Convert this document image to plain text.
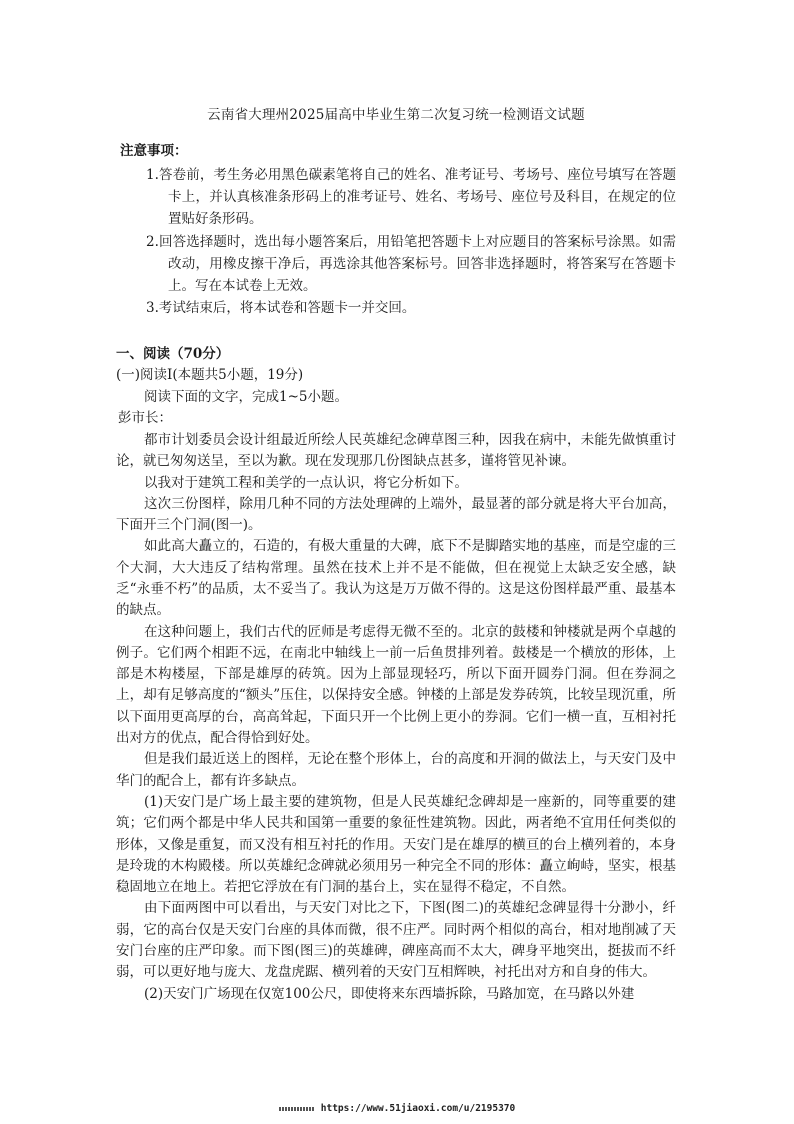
云南省大理州2025届高中毕业生第二次复习统一检测语文试题
注意事项：
1.答卷前，考生务必用黑色碳素笔将自己的姓名、准考证号、考场号、座位号填写在答题卡上，并认真核准条形码上的准考证号、姓名、考场号、座位号及科目，在规定的位置贴好条形码。
2.回答选择题时，选出每小题答案后，用铅笔把答题卡上对应题目的答案标号涂黑。如需改动，用橡皮擦干净后，再选涂其他答案标号。回答非选择题时，将答案写在答题卡上。写在本试卷上无效。
3.考试结束后，将本试卷和答题卡一并交回。
一、阅读（70分）
(一)阅读Ⅰ(本题共5小题，19分)
阅读下面的文字，完成1~5小题。
彭市长：

都市计划委员会设计组最近所绘人民英雄纪念碑草图三种，因我在病中，未能先做慎重讨论，就已匆匆送呈，至以为歉。现在发现那几份图缺点甚多，谨将管见补谏。

以我对于建筑工程和美学的一点认识，将它分析如下。

这次三份图样，除用几种不同的方法处理碑的上端外，最显著的部分就是将大平台加高，下面开三个门洞(图一)。

如此高大矗立的，石造的，有极大重量的大碑，底下不是脚踏实地的基座，而是空虚的三个大洞，大大违反了结构常理。虽然在技术上并不是不能做，但在视觉上太缺乏安全感，缺乏“永垂不朽”的品质，太不妥当了。我认为这是万万做不得的。这是这份图样最严重、最基本的缺点。

在这种问题上，我们古代的匠师是考虑得无微不至的。北京的鼓楼和钟楼就是两个卓越的例子。它们两个相距不远，在南北中轴线上一前一后鱼贯排列着。鼓楼是一个横放的形体，上部是木构楼屋，下部是雄厚的砖筑。因为上部显现轻巧，所以下面开圆券门洞。但在券洞之上，却有足够高度的“额头”压住，以保持安全感。钟楼的上部是发券砖筑，比较呈现沉重，所以下面用更高厚的台，高高耸起，下面只开一个比例上更小的券洞。它们一横一直，互相衬托出对方的优点，配合得恰到好处。

但是我们最近送上的图样，无论在整个形体上，台的高度和开洞的做法上，与天安门及中华门的配合上，都有许多缺点。

(1)天安门是广场上最主要的建筑物，但是人民英雄纪念碑却是一座新的，同等重要的建筑；它们两个都是中华人民共和国第一重要的象征性建筑物。因此，两者绝不宜用任何类似的形体，又像是重复，而又没有相互衬托的作用。天安门是在雄厚的横亘的台上横列着的，本身是玲珑的木构殿楼。所以英雄纪念碑就必须用另一种完全不同的形体：矗立峋峙，坚实，根基稳固地立在地上。若把它浮放在有门洞的基台上，实在显得不稳定，不自然。

由下面两图中可以看出，与天安门对比之下，下图(图二)的英雄纪念碑显得十分渺小，纤弱，它的高台仅是天安门台座的具体而微，很不庄严。同时两个相似的高台，相对地削减了天安门台座的庄严印象。而下图(图三)的英雄碑，碑座高而不太大，碑身平地突出，挺拔而不纤弱，可以更好地与庞大、龙盘虎踞、横列着的天安门互相辉映，衬托出对方和自身的伟大。

(2)天安门广场现在仅宽100公尺，即使将来东西墙拆除，马路加宽，在马路以外建

https://www.51jiaoxi.com/u/2195370
